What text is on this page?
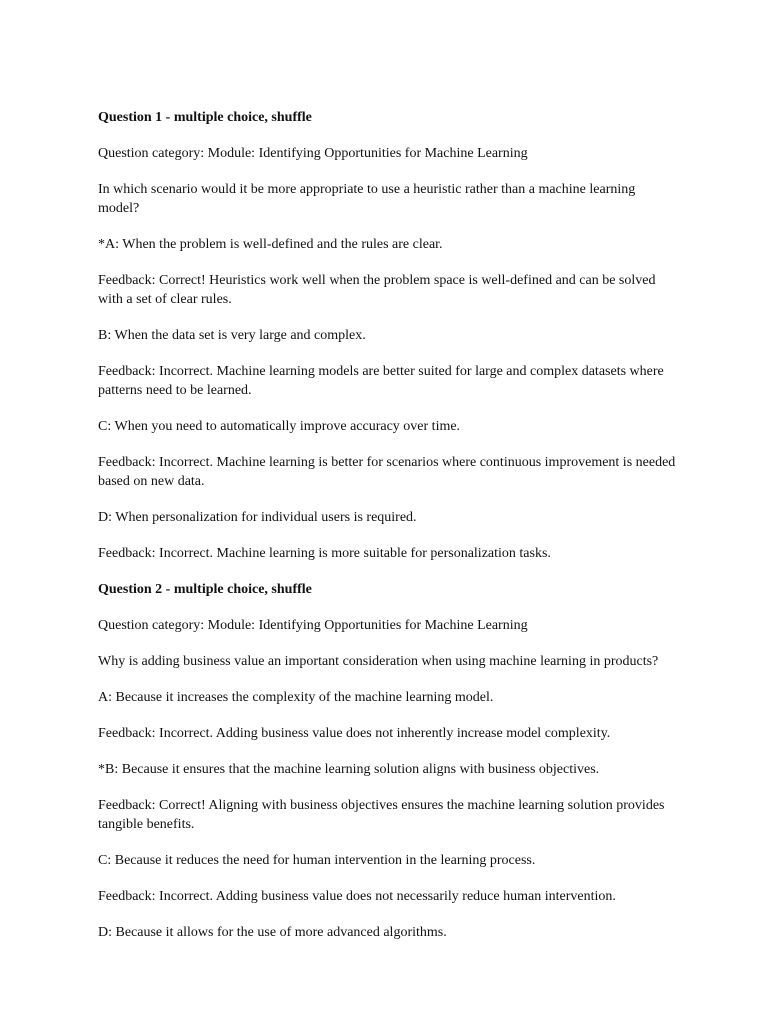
Question 1 - multiple choice, shuffle

Question category: Module: Identifying Opportunities for Machine Learning

In which scenario would it be more appropriate to use a heuristic rather than a machine learning model?

*A: When the problem is well-defined and the rules are clear.

Feedback: Correct! Heuristics work well when the problem space is well-defined and can be solved with a set of clear rules.

B: When the data set is very large and complex.

Feedback: Incorrect. Machine learning models are better suited for large and complex datasets where patterns need to be learned.

C: When you need to automatically improve accuracy over time.

Feedback: Incorrect. Machine learning is better for scenarios where continuous improvement is needed based on new data.

D: When personalization for individual users is required.

Feedback: Incorrect. Machine learning is more suitable for personalization tasks.

Question 2 - multiple choice, shuffle

Question category: Module: Identifying Opportunities for Machine Learning

Why is adding business value an important consideration when using machine learning in products?

A: Because it increases the complexity of the machine learning model.

Feedback: Incorrect. Adding business value does not inherently increase model complexity.

*B: Because it ensures that the machine learning solution aligns with business objectives.

Feedback: Correct! Aligning with business objectives ensures the machine learning solution provides tangible benefits.

C: Because it reduces the need for human intervention in the learning process.

Feedback: Incorrect. Adding business value does not necessarily reduce human intervention.

D: Because it allows for the use of more advanced algorithms.
